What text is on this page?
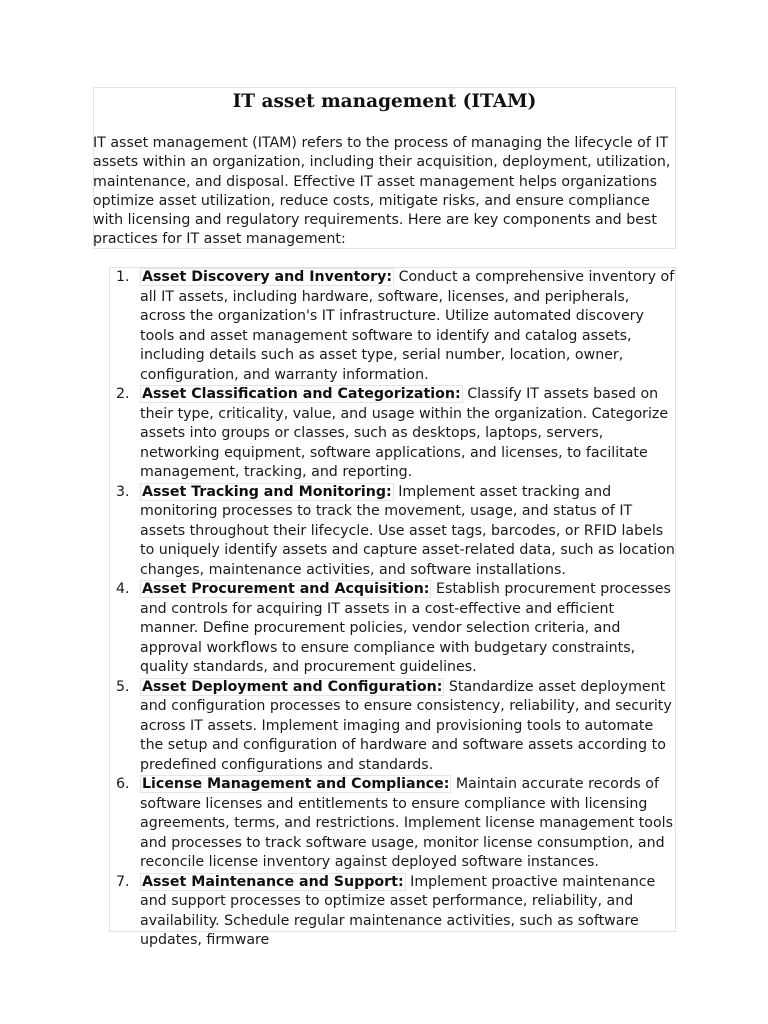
IT asset management (ITAM)

IT asset management (ITAM) refers to the process of managing the lifecycle of IT assets within an organization, including their acquisition, deployment, utilization, maintenance, and disposal. Effective IT asset management helps organizations optimize asset utilization, reduce costs, mitigate risks, and ensure compliance with licensing and regulatory requirements. Here are key components and best practices for IT asset management:

1. Asset Discovery and Inventory: Conduct a comprehensive inventory of all IT assets, including hardware, software, licenses, and peripherals, across the organization's IT infrastructure. Utilize automated discovery tools and asset management software to identify and catalog assets, including details such as asset type, serial number, location, owner, configuration, and warranty information.
2. Asset Classification and Categorization: Classify IT assets based on their type, criticality, value, and usage within the organization. Categorize assets into groups or classes, such as desktops, laptops, servers, networking equipment, software applications, and licenses, to facilitate management, tracking, and reporting.
3. Asset Tracking and Monitoring: Implement asset tracking and monitoring processes to track the movement, usage, and status of IT assets throughout their lifecycle. Use asset tags, barcodes, or RFID labels to uniquely identify assets and capture asset-related data, such as location changes, maintenance activities, and software installations.
4. Asset Procurement and Acquisition: Establish procurement processes and controls for acquiring IT assets in a cost-effective and efficient manner. Define procurement policies, vendor selection criteria, and approval workflows to ensure compliance with budgetary constraints, quality standards, and procurement guidelines.
5. Asset Deployment and Configuration: Standardize asset deployment and configuration processes to ensure consistency, reliability, and security across IT assets. Implement imaging and provisioning tools to automate the setup and configuration of hardware and software assets according to predefined configurations and standards.
6. License Management and Compliance: Maintain accurate records of software licenses and entitlements to ensure compliance with licensing agreements, terms, and restrictions. Implement license management tools and processes to track software usage, monitor license consumption, and reconcile license inventory against deployed software instances.
7. Asset Maintenance and Support: Implement proactive maintenance and support processes to optimize asset performance, reliability, and availability. Schedule regular maintenance activities, such as software updates, firmware
